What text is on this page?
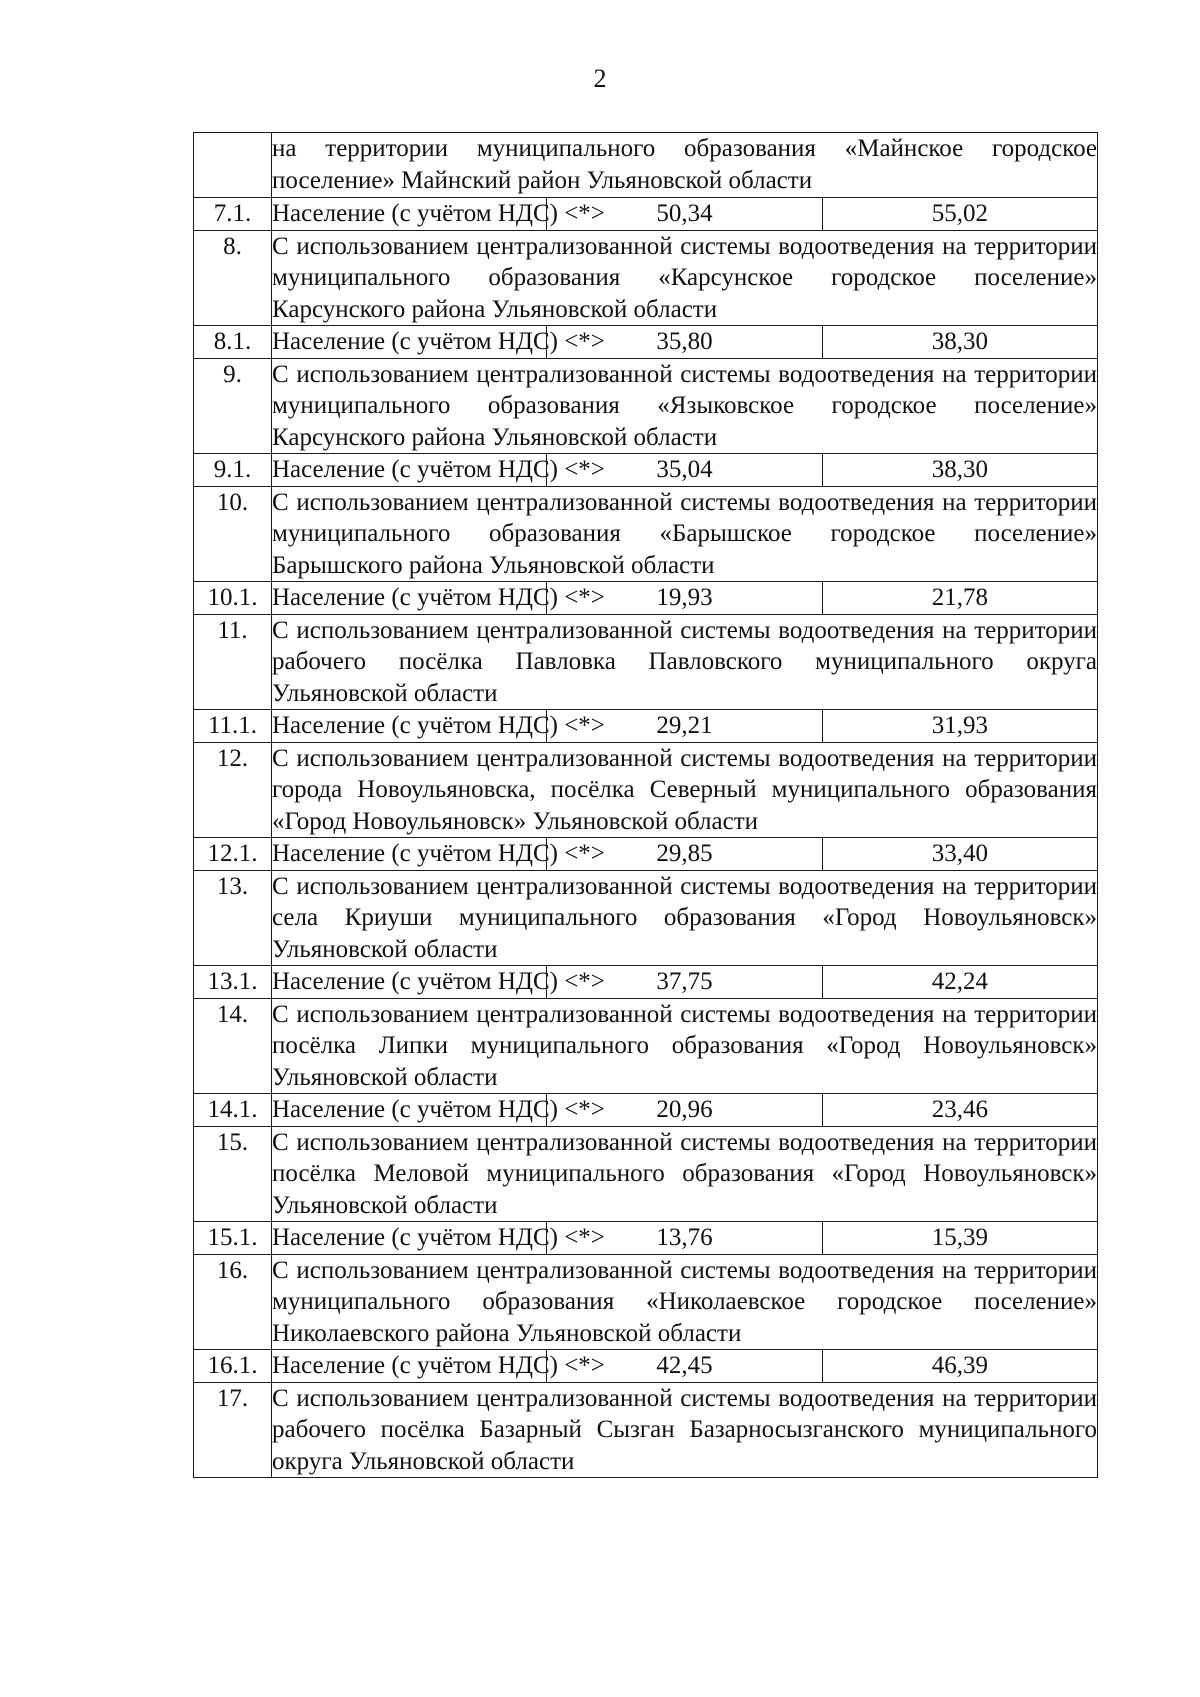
2
	на территории муниципального образования «Майнское городское поселение» Майнский район Ульяновской области		
7.1.	Население (с учётом НДС) <*>	50,34	55,02
8.	С использованием централизованной системы водоотведения на территории муниципального образования «Карсунское городское поселение» Карсунского района Ульяновской области		
8.1.	Население (с учётом НДС) <*>	35,80	38,30
9.	С использованием централизованной системы водоотведения на территории муниципального образования «Языковское городское поселение» Карсунского района Ульяновской области		
9.1.	Население (с учётом НДС) <*>	35,04	38,30
10.	С использованием централизованной системы водоотведения на территории муниципального образования «Барышское городское поселение» Барышского района Ульяновской области		
10.1.	Население (с учётом НДС) <*>	19,93	21,78
11.	С использованием централизованной системы водоотведения на территории рабочего посёлка Павловка Павловского муниципального округа Ульяновской области		
11.1.	Население (с учётом НДС) <*>	29,21	31,93
12.	С использованием централизованной системы водоотведения на территории города Новоульяновска, посёлка Северный муниципального образования «Город Новоульяновск» Ульяновской области		
12.1.	Население (с учётом НДС) <*>	29,85	33,40
13.	С использованием централизованной системы водоотведения на территории села Криуши муниципального образования «Город Новоульяновск» Ульяновской области		
13.1.	Население (с учётом НДС) <*>	37,75	42,24
14.	С использованием централизованной системы водоотведения на территории посёлка Липки муниципального образования «Город Новоульяновск» Ульяновской области		
14.1.	Население (с учётом НДС) <*>	20,96	23,46
15.	С использованием централизованной системы водоотведения на территории посёлка Меловой муниципального образования «Город Новоульяновск» Ульяновской области		
15.1.	Население (с учётом НДС) <*>	13,76	15,39
16.	С использованием централизованной системы водоотведения на территории муниципального образования «Николаевское городское поселение» Николаевского района Ульяновской области		
16.1.	Население (с учётом НДС) <*>	42,45	46,39
17.	С использованием централизованной системы водоотведения на территории рабочего посёлка Базарный Сызган Базарносызганского муниципального округа Ульяновской области		
